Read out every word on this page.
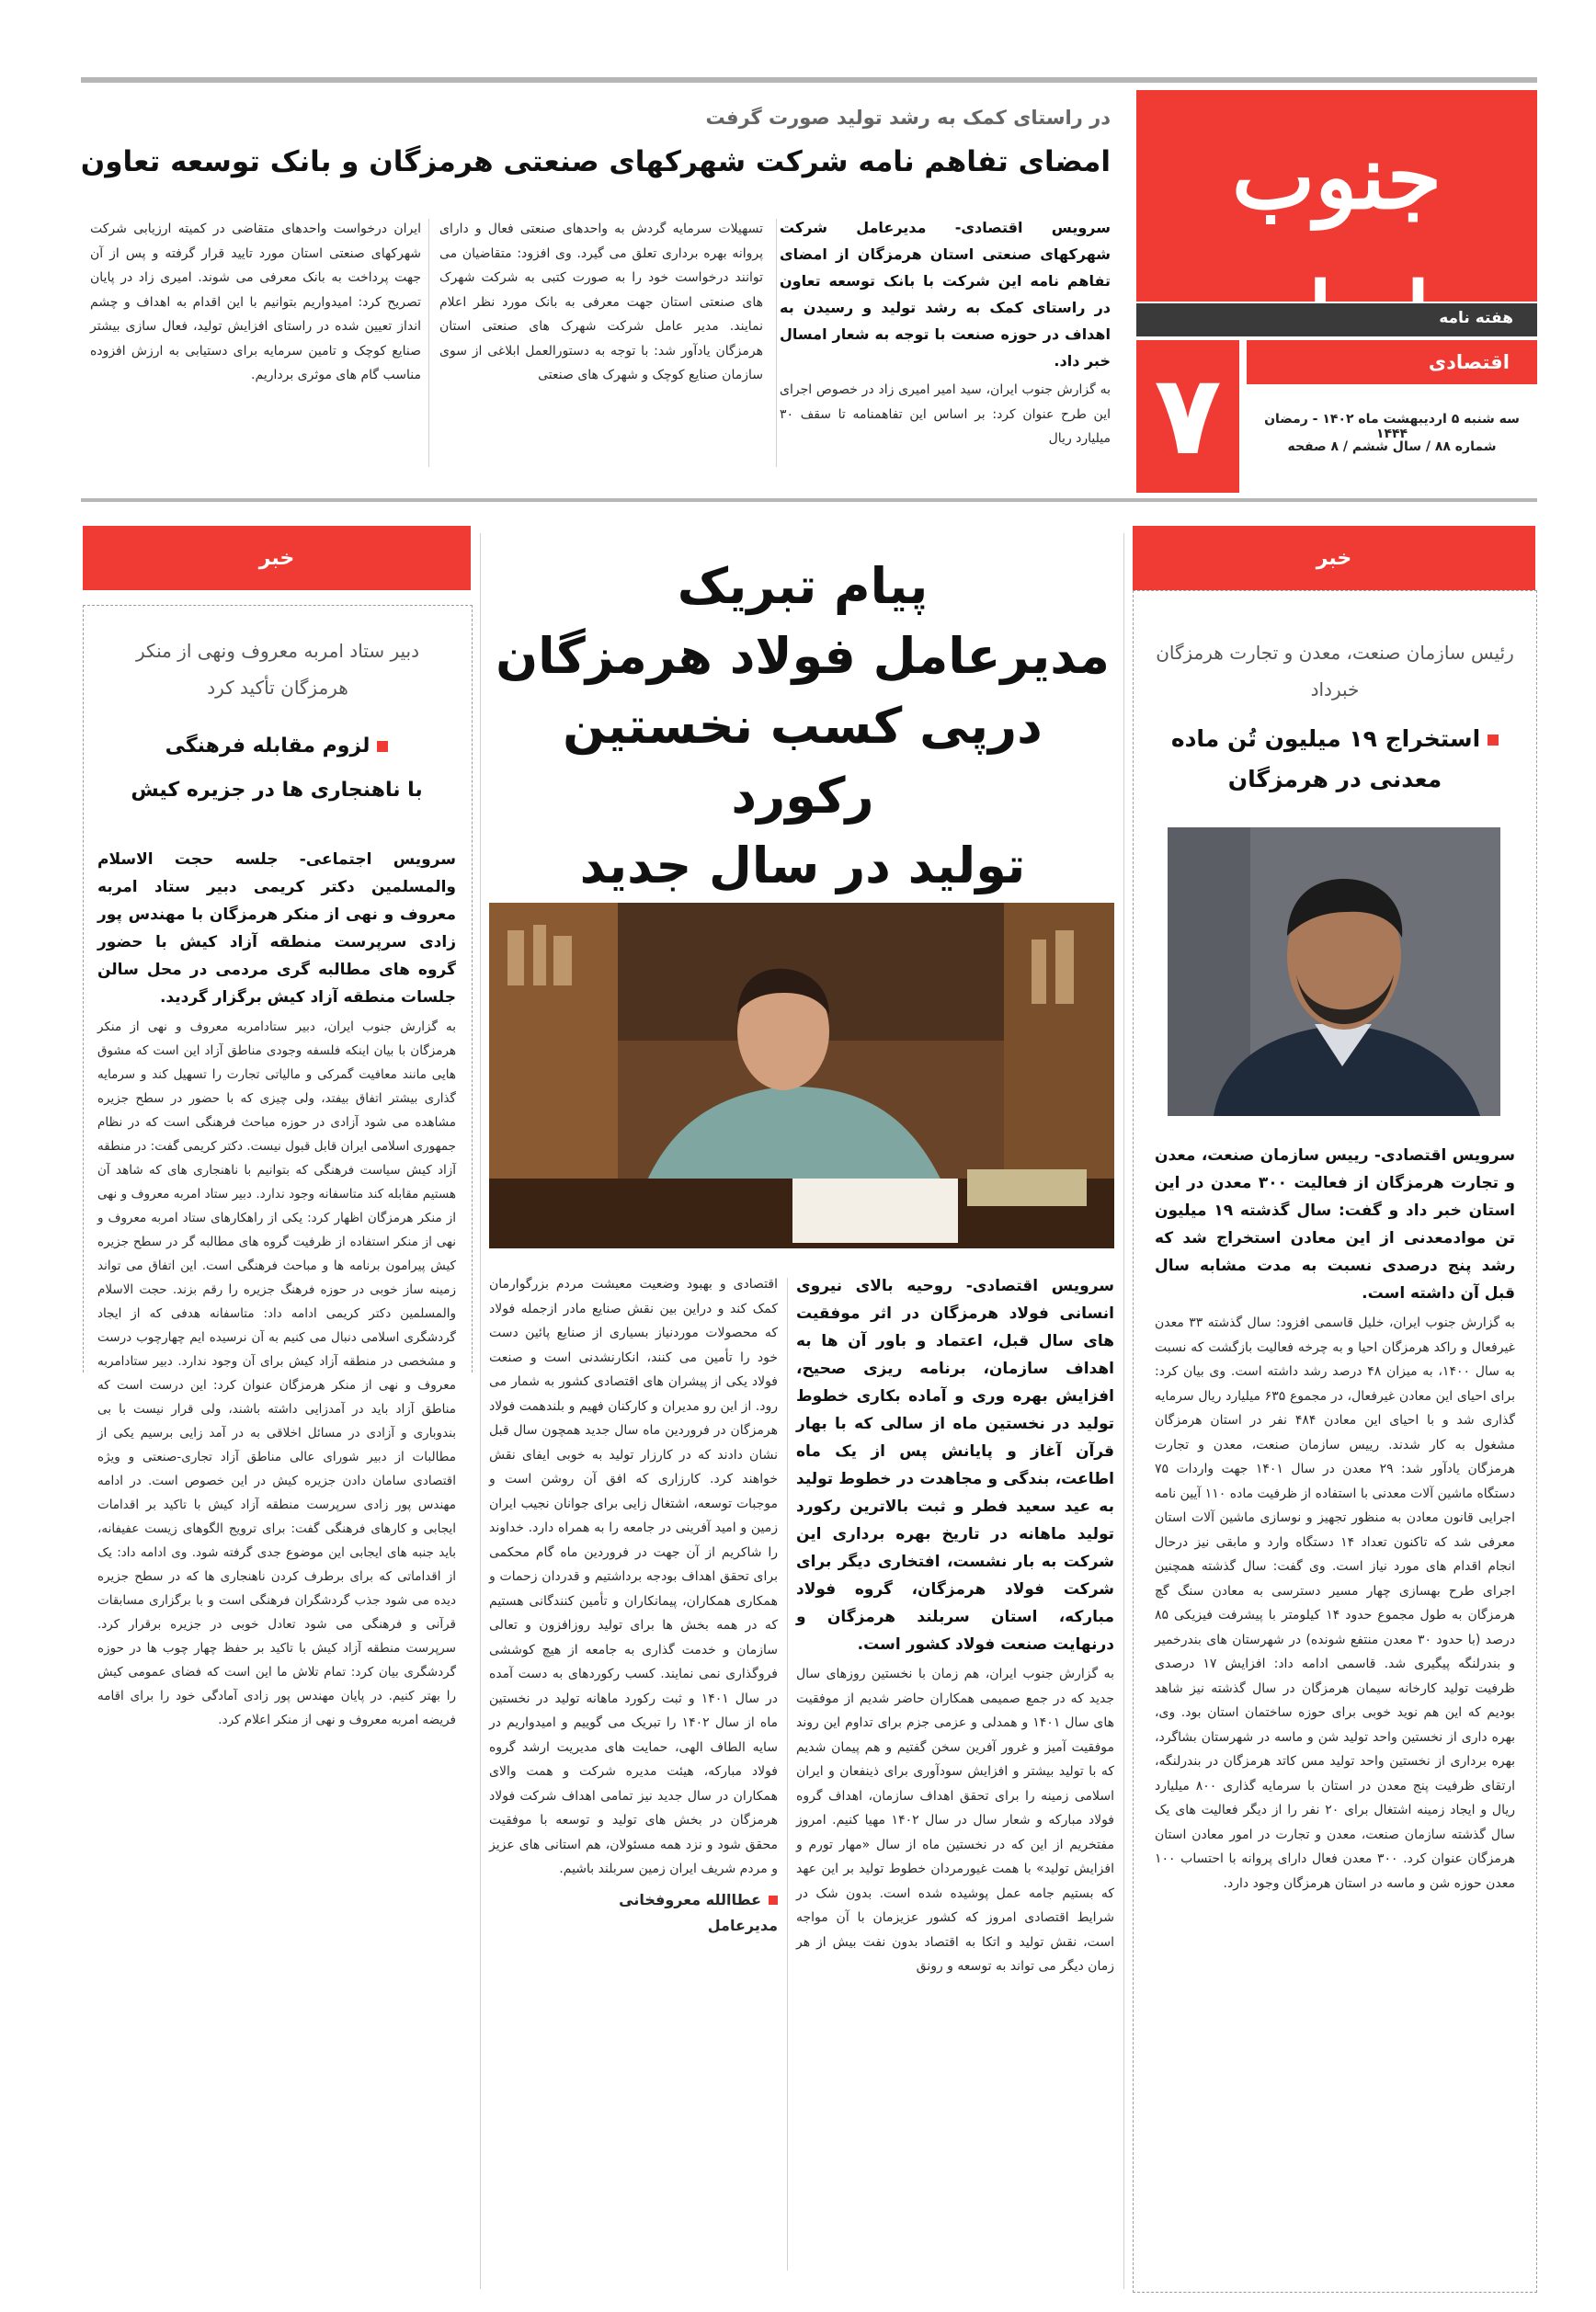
جنوب
هفته نامه
۷	اقتصادی
سه شنبه ۵ اردیبهشت ماه ۱۴۰۲ - رمضان ۱۴۴۴
شماره ۸۸ / سال ششم / ۸ صفحه
در راستای کمک به رشد تولید صورت گرفت
امضای تفاهم نامه شرکت شهرکهای صنعتی هرمزگان و بانک توسعه تعاون

سرویس اقتصادی- مدیرعامل شرکت شهرکهای صنعتی استان هرمزگان از امضای تفاهم نامه این شرکت با بانک توسعه تعاون در راستای کمک به رشد تولید و رسیدن به اهداف در حوزه صنعت با توجه به شعار امسال خبر داد.

به گزارش جنوب ایران، سید امیر امیری زاد در خصوص اجرای این طرح عنوان کرد: بر اساس این تفاهمنامه تا سقف ۳۰ میلیارد ریال

تسهیلات سرمایه گردش به واحدهای صنعتی فعال و دارای پروانه بهره برداری تعلق می گیرد. وی افزود: متقاضیان می توانند درخواست خود را به صورت کتبی به شرکت شهرک های صنعتی استان جهت معرفی به بانک مورد نظر اعلام نمایند. مدیر عامل شرکت شهرک های صنعتی استان هرمزگان یادآور شد: با توجه به دستورالعمل ابلاغی از سوی سازمان صنایع کوچک و شهرک های صنعتی
ایران درخواست واحدهای متقاضی در کمیته ارزیابی شرکت شهرکهای صنعتی استان مورد تایید قرار گرفته و پس از آن جهت پرداخت به بانک معرفی می شوند. امیری زاد در پایان تصریح کرد: امیدواریم بتوانیم با این اقدام به اهداف و چشم انداز تعیین شده در راستای افزایش تولید، فعال سازی بیشتر صنایع کوچک و تامین سرمایه برای دستیابی به ارزش افزوده مناسب گام های موثری برداریم.
خبر
رئیس سازمان صنعت، معدن و تجارت هرمزگان خبرداد
استخراج ۱۹ میلیون تُن ماده
معدنی در هرمزگان

سرویس اقتصادی- رییس سازمان صنعت، معدن و تجارت هرمزگان از فعالیت ۳۰۰ معدن در این استان خبر داد و گفت: سال گذشته ۱۹ میلیون تن موادمعدنی از این معادن استخراج شد که رشد پنج درصدی نسبت به مدت مشابه سال قبل آن داشته است.

به گزارش جنوب ایران، خلیل قاسمی افزود: سال گذشته ۳۳ معدن غیرفعال و راکد هرمزگان احیا و به چرخه فعالیت بازگشت که نسبت به سال ۱۴۰۰، به میزان ۴۸ درصد رشد داشته است. وی بیان کرد: برای احیای این معادن غیرفعال، در مجموع ۶۳۵ میلیارد ریال سرمایه گذاری شد و با احیای این معادن ۴۸۴ نفر در استان هرمزگان مشغول به کار شدند. رییس سازمان صنعت، معدن و تجارت هرمزگان یادآور شد: ۲۹ معدن در سال ۱۴۰۱ جهت واردات ۷۵ دستگاه ماشین آلات معدنی با استفاده از ظرفیت ماده ۱۱۰ آیین نامه اجرایی قانون معادن به منظور تجهیز و نوسازی ماشین آلات استان معرفی شد که تاکنون تعداد ۱۴ دستگاه وارد و مابقی نیز درحال انجام اقدام های مورد نیاز است. وی گفت: سال گذشته همچنین اجرای طرح بهسازی چهار مسیر دسترسی به معادن سنگ گچ هرمزگان به طول مجموع حدود ۱۴ کیلومتر با پیشرفت فیزیکی ۸۵ درصد (با حدود ۳۰ معدن منتفع شونده) در شهرستان های بندرخمیر و بندرلنگه پیگیری شد. قاسمی ادامه داد: افزایش ۱۷ درصدی ظرفیت تولید کارخانه سیمان هرمزگان در سال گذشته نیز شاهد بودیم که این هم نوید خوبی برای حوزه ساختمان استان بود. وی، بهره داری از نخستین واحد تولید شن و ماسه در شهرستان بشاگرد، بهره برداری از نخستین واحد تولید مس کاتد هرمزگان در بندرلنگه، ارتقای ظرفیت پنج معدن در استان با سرمایه گذاری ۸۰۰ میلیارد ریال و ایجاد زمینه اشتغال برای ۲۰ نفر را از دیگر فعالیت های یک سال گذشته سازمان صنعت، معدن و تجارت در امور معادن استان هرمزگان عنوان کرد. ۳۰۰ معدن فعال دارای پروانه با احتساب ۱۰۰ معدن حوزه شن و ماسه در استان هرمزگان وجود دارد.

خبر
دبیر ستاد امربه معروف ونهی از منکر هرمزگان تأکید کرد
لزوم مقابله فرهنگی
با ناهنجاری ها در جزیره کیش

سرویس اجتماعی- جلسه حجت الاسلام والمسلمین دکتر کریمی دبیر ستاد امربه معروف و نهی از منکر هرمزگان با مهندس پور زادی سرپرست منطقه آزاد کیش با حضور گروه های مطالبه گری مردمی در محل سالن جلسات منطقه آزاد کیش برگزار گردید.

به گزارش جنوب ایران، دبیر ستادامربه معروف و نهی از منکر هرمزگان با بیان اینکه فلسفه وجودی مناطق آزاد این است که مشوق هایی مانند معافیت گمرکی و مالیاتی تجارت را تسهیل کند و سرمایه گذاری بیشتر اتفاق بیفتد، ولی چیزی که با حضور در سطح جزیره مشاهده می شود آزادی در حوزه مباحث فرهنگی است که در نظام جمهوری اسلامی ایران قابل قبول نیست. دکتر کریمی گفت: در منطقه آزاد کیش سیاست فرهنگی که بتوانیم با ناهنجاری های که شاهد آن هستیم مقابله کند متاسفانه وجود ندارد. دبیر ستاد امربه معروف و نهی از منکر هرمزگان اظهار کرد: یکی از راهکارهای ستاد امربه معروف و نهی از منکر استفاده از ظرفیت گروه های مطالبه گر در سطح جزیره کیش پیرامون برنامه ها و مباحث فرهنگی است. این اتفاق می تواند زمینه ساز خوبی در حوزه فرهنگ جزیره را رقم بزند. حجت الاسلام والمسلمین دکتر کریمی ادامه داد: متاسفانه هدفی که از ایجاد گردشگری اسلامی دنبال می کنیم به آن نرسیده ایم چهارچوب درست و مشخصی در منطقه آزاد کیش برای آن وجود ندارد. دبیر ستادامربه معروف و نهی از منکر هرمزگان عنوان کرد: این درست است که مناطق آزاد باید در آمدزایی داشته باشند، ولی قرار نیست با بی بندوباری و آزادی در مسائل اخلاقی به در آمد زایی برسیم یکی از مطالبات از دبیر شورای عالی مناطق آزاد تجاری-صنعتی و ویژه اقتصادی سامان دادن جزیره کیش در این خصوص است. در ادامه مهندس پور زادی سرپرست منطقه آزاد کیش با تاکید بر اقدامات ایجابی و کارهای فرهنگی گفت: برای ترویج الگوهای زیست عفیفانه، باید جنبه های ایجابی این موضوع جدی گرفته شود. وی ادامه داد: یک از اقداماتی که برای برطرف کردن ناهنجاری ها که در سطح جزیره دیده می شود جذب گردشگران فرهنگی است و با برگزاری مسابقات قرآنی و فرهنگی می شود تعادل خوبی در جزیره برقرار کرد. سرپرست منطقه آزاد کیش با تاکید بر حفظ چهار چوب ها در حوزه گردشگری بیان کرد: تمام تلاش ما این است که فضای عمومی کیش را بهتر کنیم. در پایان مهندس پور زادی آمادگی خود را برای اقامه فریضه امربه معروف و نهی از منکر اعلام کرد.

پیام تبریک
مدیرعامل فولاد هرمزگان
درپی کسب نخستین رکورد
تولید در سال جدید

سرویس اقتصادی- روحیه بالای نیروی انسانی فولاد هرمزگان در اثر موفقیت های سال قبل، اعتماد و باور آن ها به اهداف سازمان، برنامه ریزی صحیح، افزایش بهره وری و آماده بکاری خطوط تولید در نخستین ماه از سالی که با بهار قرآن آغاز و پایانش پس از یک ماه اطاعت، بندگی و مجاهدت در خطوط تولید به عید سعید فطر و ثبت بالاترین رکورد تولید ماهانه در تاریخ بهره برداری این شرکت به بار نشست، افتخاری دیگر برای شرکت فولاد هرمزگان، گروه فولاد مبارکه، استان سربلند هرمزگان و درنهایت صنعت فولاد کشور است.

به گزارش جنوب ایران، هم زمان با نخستین روزهای سال جدید که در جمع صمیمی همکاران حاضر شدیم از موفقیت های سال ۱۴۰۱ و همدلی و عزمی جزم برای تداوم این روند موفقیت آمیز و غرور آفرین سخن گفتیم و هم پیمان شدیم که با تولید بیشتر و افزایش سودآوری برای ذینفعان و ایران اسلامی زمینه را برای تحقق اهداف سازمان، اهداف گروه فولاد مبارکه و شعار سال در سال ۱۴۰۲ مهیا کنیم. امروز مفتخریم از این که در نخستین ماه از سال «مهار تورم و افزایش تولید» با همت غیورمردان خطوط تولید بر این عهد که بستیم جامه عمل پوشیده شده است. بدون شک در شرایط اقتصادی امروز که کشور عزیزمان با آن مواجه است، نقش تولید و اتکا به اقتصاد بدون نفت بیش از هر زمان دیگر می تواند به توسعه و رونق

اقتصادی و بهبود وضعیت معیشت مردم بزرگوارمان کمک کند و دراین بین نقش صنایع مادر ازجمله فولاد که محصولات موردنیاز بسیاری از صنایع پائین دست خود را تأمین می کنند، انکارنشدنی است و صنعت فولاد یکی از پیشران های اقتصادی کشور به شمار می رود. از این رو مدیران و کارکنان فهیم و بلندهمت فولاد هرمزگان در فروردین ماه سال جدید همچون سال قبل نشان دادند که در کارزار تولید به خوبی ایفای نقش خواهند کرد. کارزاری که افق آن روشن است و موجبات توسعه، اشتغال زایی برای جوانان نجیب ایران زمین و امید آفرینی در جامعه را به همراه دارد. خداوند را شاکریم از آن جهت در فروردین ماه گام محکمی برای تحقق اهداف بودجه برداشتیم و قدردان زحمات و همکاری همکاران، پیمانکاران و تأمین کنندگانی هستیم که در همه بخش ها برای تولید روزافزون و تعالی سازمان و خدمت گذاری به جامعه از هیچ کوششی فروگذاری نمی نمایند. کسب رکوردهای به دست آمده در سال ۱۴۰۱ و ثبت رکورد ماهانه تولید در نخستین ماه از سال ۱۴۰۲ را تبریک می گوییم و امیدواریم در سایه الطاف الهی، حمایت های مدیریت ارشد گروه فولاد مبارکه، هیئت مدیره شرکت و همت والای همکاران در سال جدید نیز تمامی اهداف شرکت فولاد هرمزگان در بخش های تولید و توسعه با موفقیت محقق شود و نزد همه مسئولان، هم استانی های عزیز و مردم شریف ایران زمین سربلند باشیم.

عطاالله معروفخانی
مدیرعامل
